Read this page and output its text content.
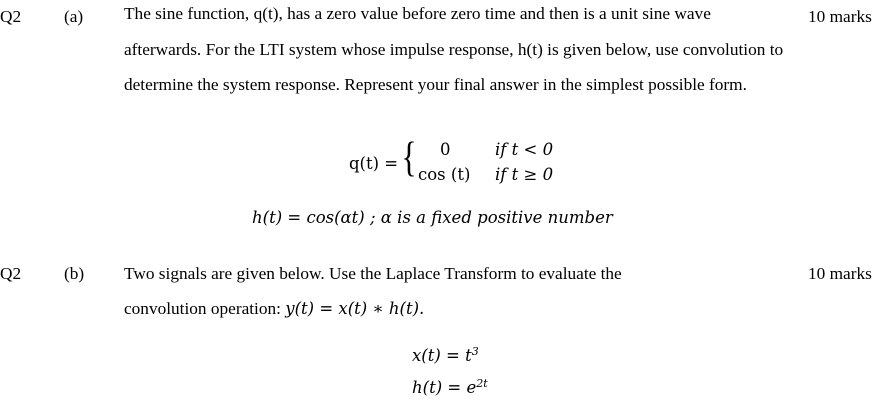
Q2 (a)	10 marks

The sine function, q(t), has a zero value before zero time and then is a unit sine wave afterwards. For the LTI system whose impulse response, h(t) is given below, use convolution to determine the system response. Represent your final answer in the simplest possible form.

q(t) = { 0	if t < 0
cos (t) if t ≥ 0
h(t) = cos(αt) ; α is a fixed positive number
Q2 (b)	10 marks
Two signals are given below. Use the Laplace Transform to evaluate the
convolution operation: y(t) = x(t) ∗ h(t).
$x(t) = t^3$
$h(t) = e^{2t}$
